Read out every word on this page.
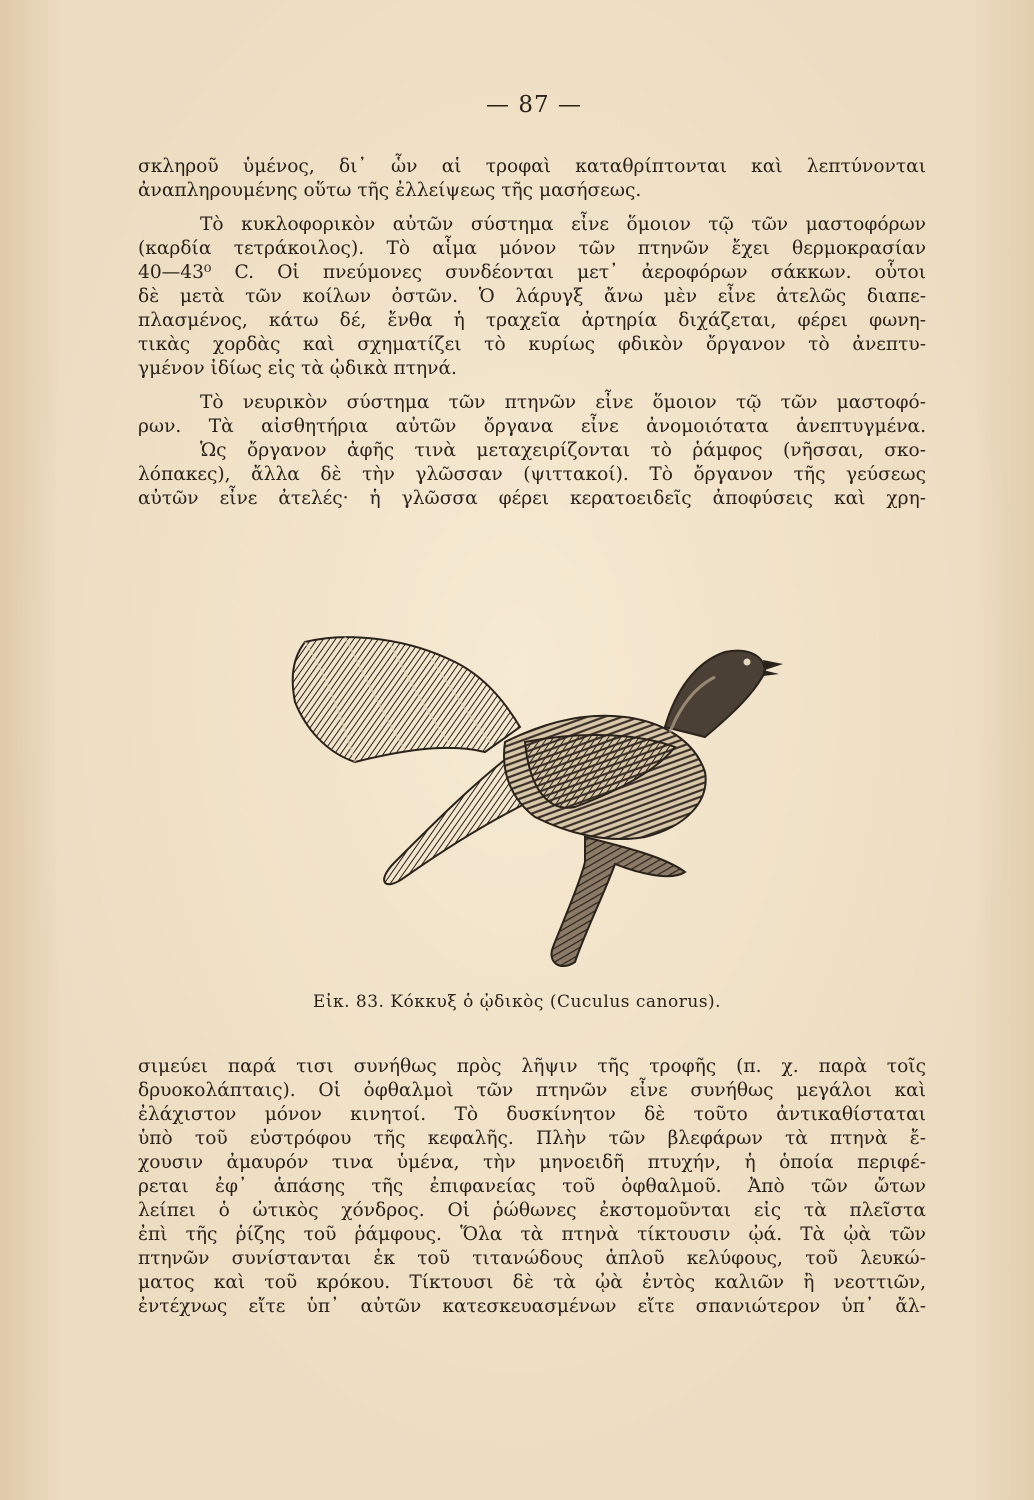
— 87 —
σκληροῦ ὑμένος, δι᾽ ὧν αἱ τροφαὶ καταθρίπτονται καὶ λεπτύνονται
ἀναπληρουμένης οὕτω τῆς ἐλλείψεως τῆς μασήσεως.
Τὸ κυκλοφορικὸν αὐτῶν σύστημα εἶνε ὅμοιον τῷ τῶν μαστοφόρων
(καρδία τετράκοιλος). Τὸ αἷμα μόνον τῶν πτηνῶν ἔχει θερμοκρασίαν
40—43⁰ C. Οἱ πνεύμονες συνδέονται μετ᾽ ἀεροφόρων σάκκων. οὗτοι
δὲ μετὰ τῶν κοίλων ὀστῶν. Ὁ λάρυγξ ἄνω μὲν εἶνε ἀτελῶς διαπε-
πλασμένος, κάτω δέ, ἔνθα ἡ τραχεῖα ἀρτηρία διχάζεται, φέρει φωνη-
τικὰς χορδὰς καὶ σχηματίζει τὸ κυρίως φδικὸν ὄργανον τὸ ἀνεπτυ-
γμένον ἰδίως εἰς τὰ ᾠδικὰ πτηνά.
Τὸ νευρικὸν σύστημα τῶν πτηνῶν εἶνε ὅμοιον τῷ τῶν μαστοφό-
ρων. Τὰ αἰσθητήρια αὐτῶν ὄργανα εἶνε ἀνομοιότατα ἀνεπτυγμένα.
Ὡς ὄργανον ἁφῆς τινὰ μεταχειρίζονται τὸ ῥάμφος (νῆσσαι, σκο-
λόπακες), ἄλλα δὲ τὴν γλῶσσαν (ψιττακοί). Τὸ ὄργανον τῆς γεύσεως
αὐτῶν εἶνε ἀτελές· ἡ γλῶσσα φέρει κερατοειδεῖς ἀποφύσεις καὶ χρη-
Εἰκ. 83. Κόκκυξ ὁ ᾠδικὸς (Cuculus canorus).
σιμεύει παρά τισι συνήθως πρὸς λῆψιν τῆς τροφῆς (π. χ. παρὰ τοῖς
δρυοκολάπταις). Οἱ ὀφθαλμοὶ τῶν πτηνῶν εἶνε συνήθως μεγάλοι καὶ
ἐλάχιστον μόνον κινητοί. Τὸ δυσκίνητον δὲ τοῦτο ἀντικαθίσταται
ὑπὸ τοῦ εὐστρόφου τῆς κεφαλῆς. Πλὴν τῶν βλεφάρων τὰ πτηνὰ ἔ-
χουσιν ἀμαυρόν τινα ὑμένα, τὴν μηνοειδῆ πτυχήν, ἡ ὁποία περιφέ-
ρεται ἐφ᾽ ἁπάσης τῆς ἐπιφανείας τοῦ ὀφθαλμοῦ. Ἀπὸ τῶν ὤτων
λείπει ὁ ὠτικὸς χόνδρος. Οἱ ῥώθωνες ἐκστομοῦνται εἰς τὰ πλεῖστα
ἐπὶ τῆς ῥίζης τοῦ ῥάμφους. Ὅλα τὰ πτηνὰ τίκτουσιν ᾠά. Τὰ ᾠὰ τῶν
πτηνῶν συνίστανται ἐκ τοῦ τιτανώδους ἁπλοῦ κελύφους, τοῦ λευκώ-
ματος καὶ τοῦ κρόκου. Τίκτουσι δὲ τὰ ᾠὰ ἐντὸς καλιῶν ἢ νεοττιῶν,
ἐντέχνως εἴτε ὑπ᾽ αὐτῶν κατεσκευασμένων εἴτε σπανιώτερον ὑπ᾽ ἄλ-
